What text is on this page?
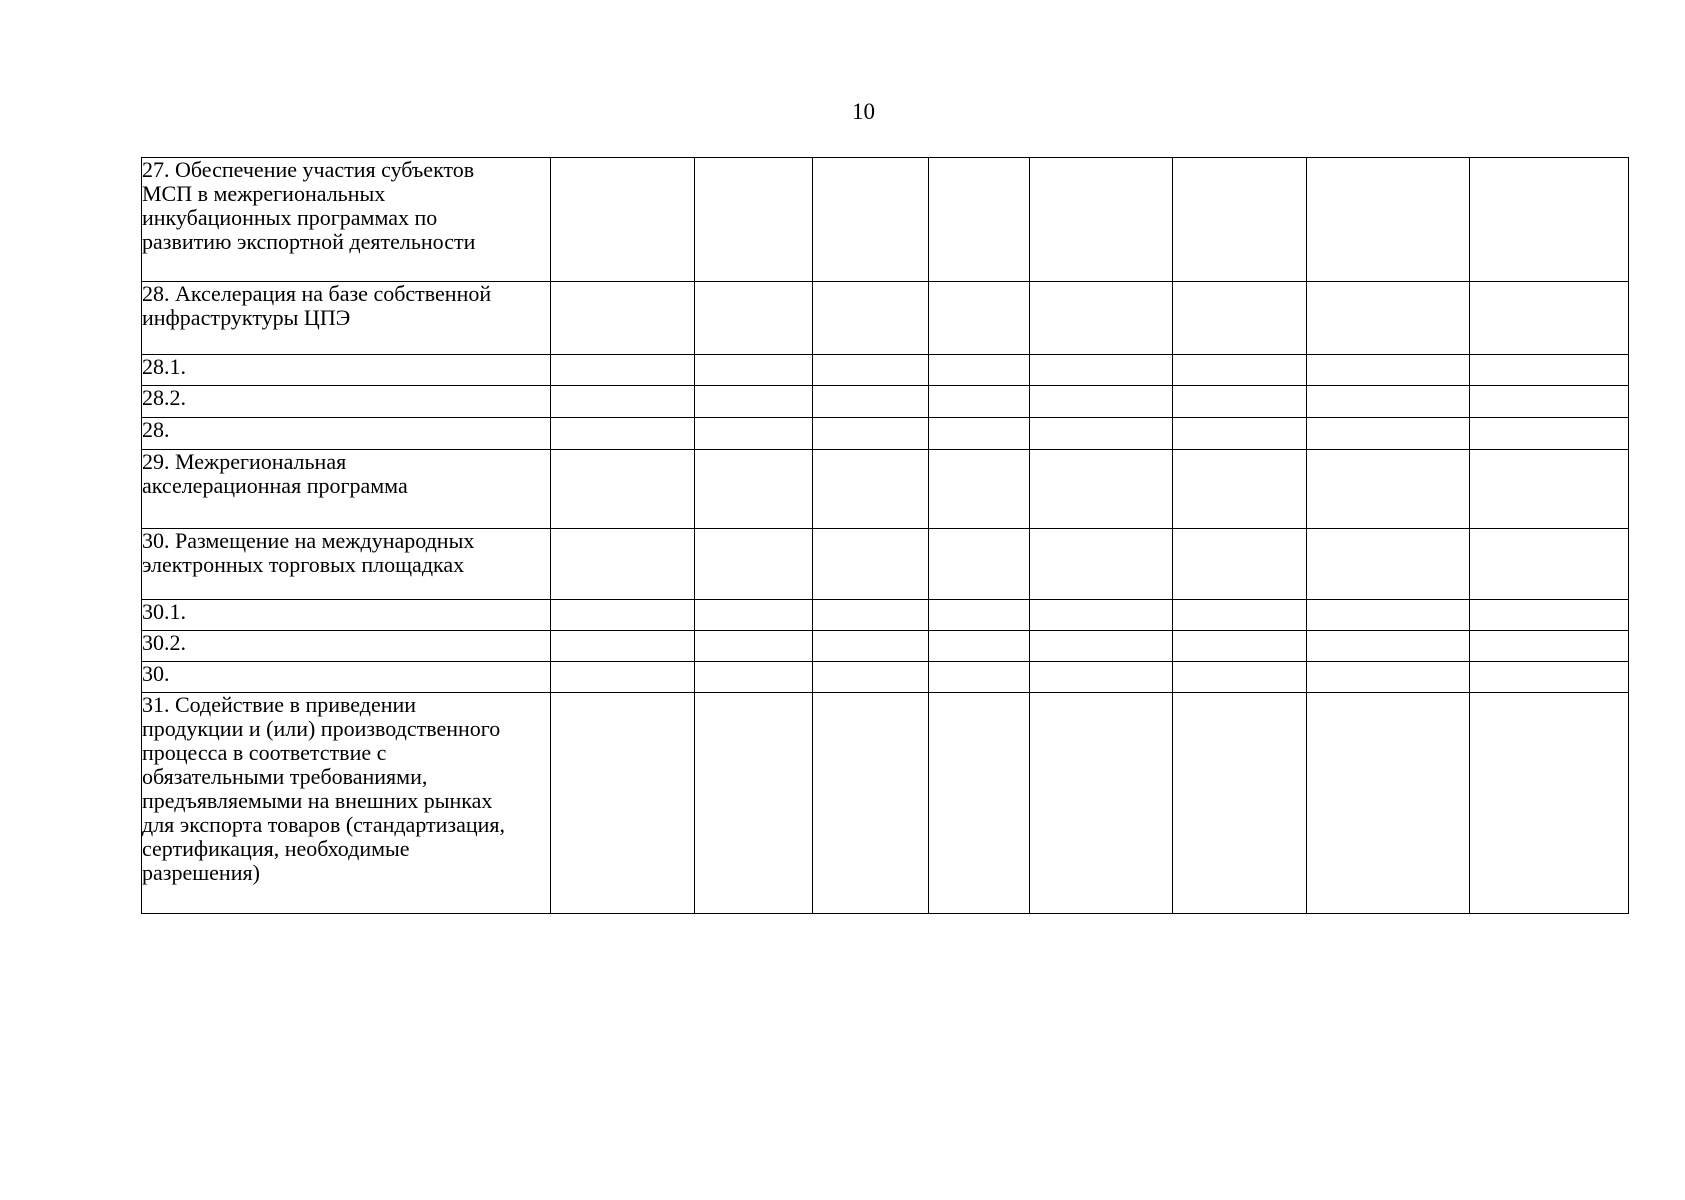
10
27. Обеспечение участия субъектов МСП в межрегиональных инкубационных программах по развитию экспортной деятельности								

28. Акселерация на базе собственной инфраструктуры ЦПЭ								

28.1.								

28.2.								

28.								

29. Межрегиональная акселерационная программа								

30. Размещение на международных электронных торговых площадках								

30.1.								

30.2.								

30.								

31. Содействие в приведении продукции и (или) производственного процесса в соответствие с обязательными требованиями, предъявляемыми на внешних рынках для экспорта товаров (стандартизация, сертификация, необходимые разрешения)								
